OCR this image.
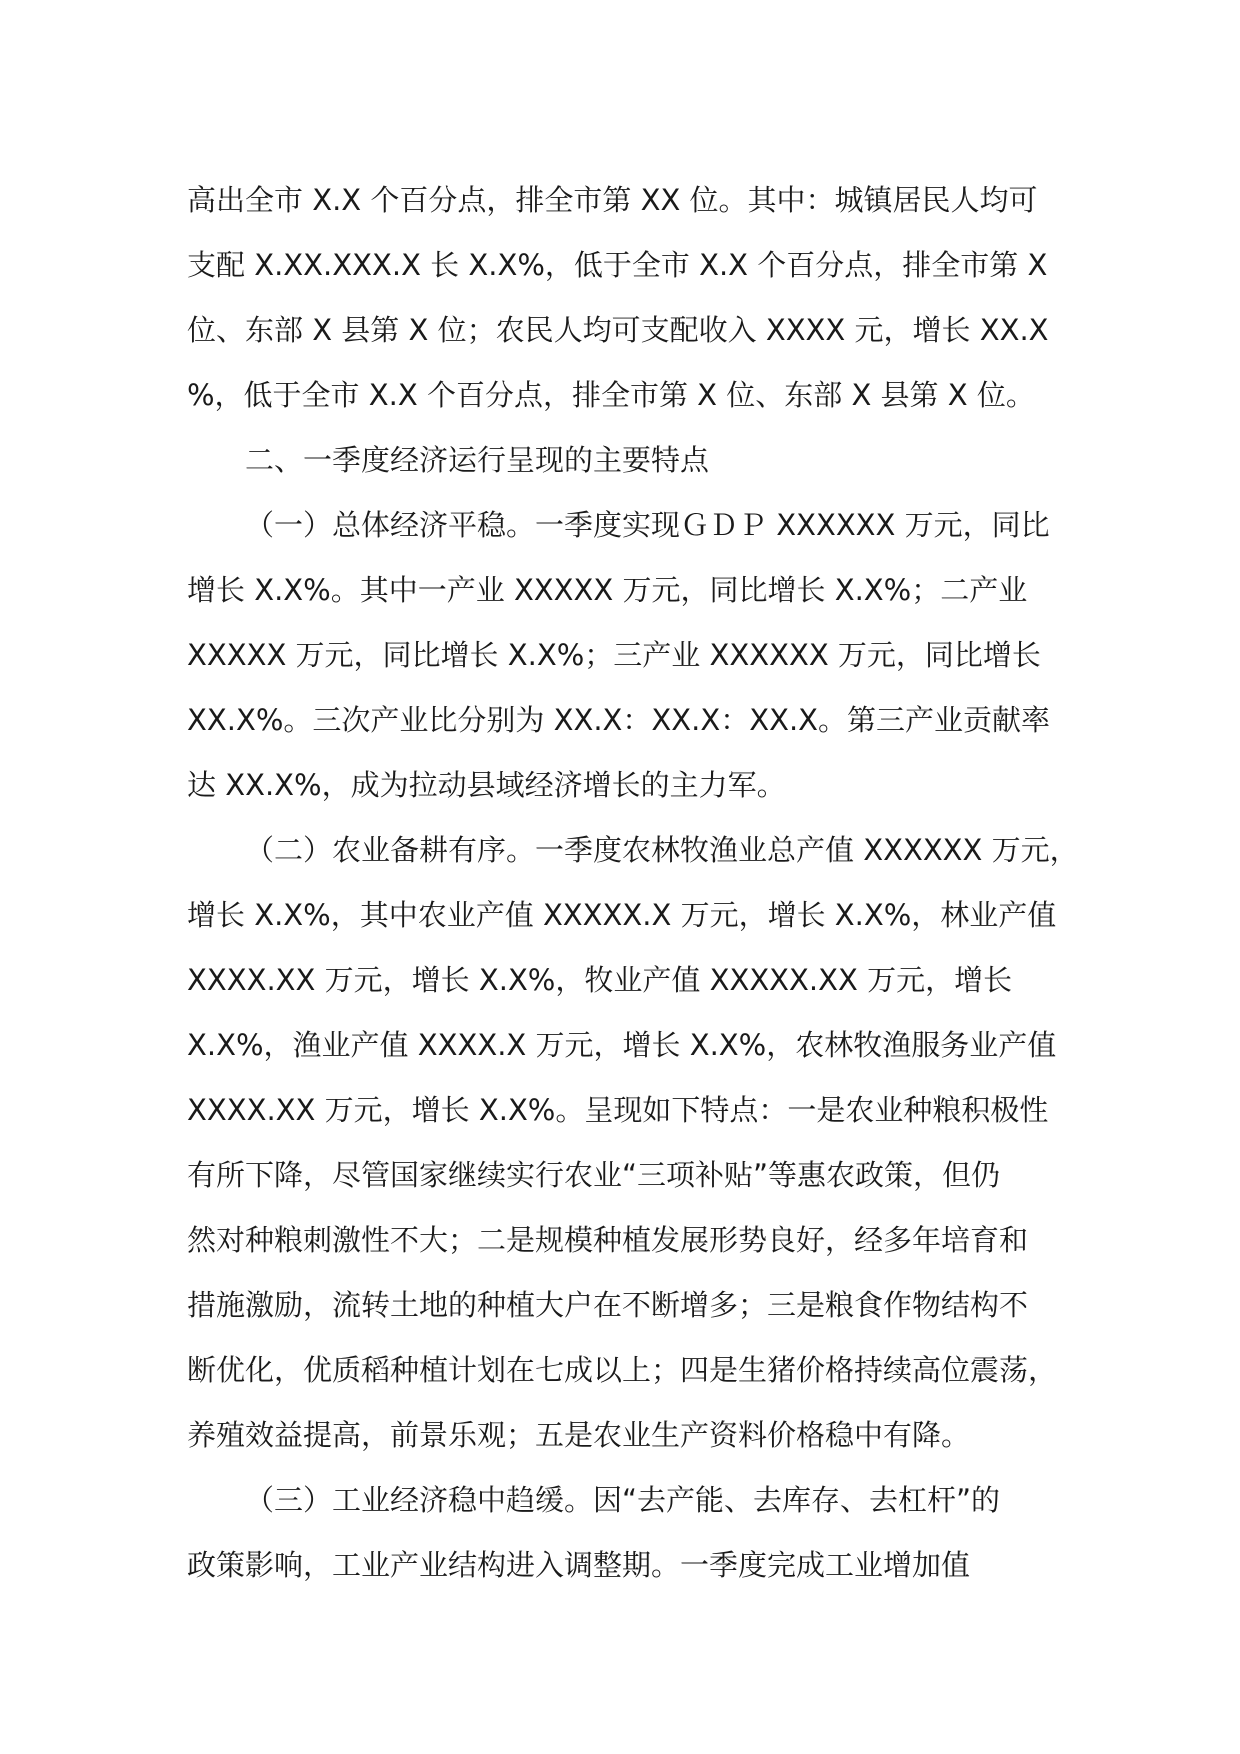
高出全市 X.X 个百分点，排全市第 XX 位。其中：城镇居民人均可
支配 X.XX.XXX.X 长 X.X%，低于全市 X.X 个百分点，排全市第 X
位、东部 X 县第 X 位；农民人均可支配收入 XXXX 元，增长 XX.X
%，低于全市 X.X 个百分点，排全市第 X 位、东部 X 县第 X 位。

二、一季度经济运行呈现的主要特点

（一）总体经济平稳。一季度实现ＧＤＰ XXXXXX 万元，同比
增长 X.X%。其中一产业 XXXXX 万元，同比增长 X.X%；二产业
XXXXX 万元，同比增长 X.X%；三产业 XXXXXX 万元，同比增长
XX.X%。三次产业比分别为 XX.X：XX.X：XX.X。第三产业贡献率
达 XX.X%，成为拉动县域经济增长的主力军。

（二）农业备耕有序。一季度农林牧渔业总产值 XXXXXX 万元，
增长 X.X%，其中农业产值 XXXXX.X 万元，增长 X.X%，林业产值
XXXX.XX 万元，增长 X.X%，牧业产值 XXXXX.XX 万元，增长
X.X%，渔业产值 XXXX.X 万元，增长 X.X%，农林牧渔服务业产值
XXXX.XX 万元，增长 X.X%。呈现如下特点：一是农业种粮积极性
有所下降，尽管国家继续实行农业“三项补贴”等惠农政策，但仍
然对种粮刺激性不大；二是规模种植发展形势良好，经多年培育和
措施激励，流转土地的种植大户在不断增多；三是粮食作物结构不
断优化，优质稻种植计划在七成以上；四是生猪价格持续高位震荡，
养殖效益提高，前景乐观；五是农业生产资料价格稳中有降。

（三）工业经济稳中趋缓。因“去产能、去库存、去杠杆”的
政策影响，工业产业结构进入调整期。一季度完成工业增加值
